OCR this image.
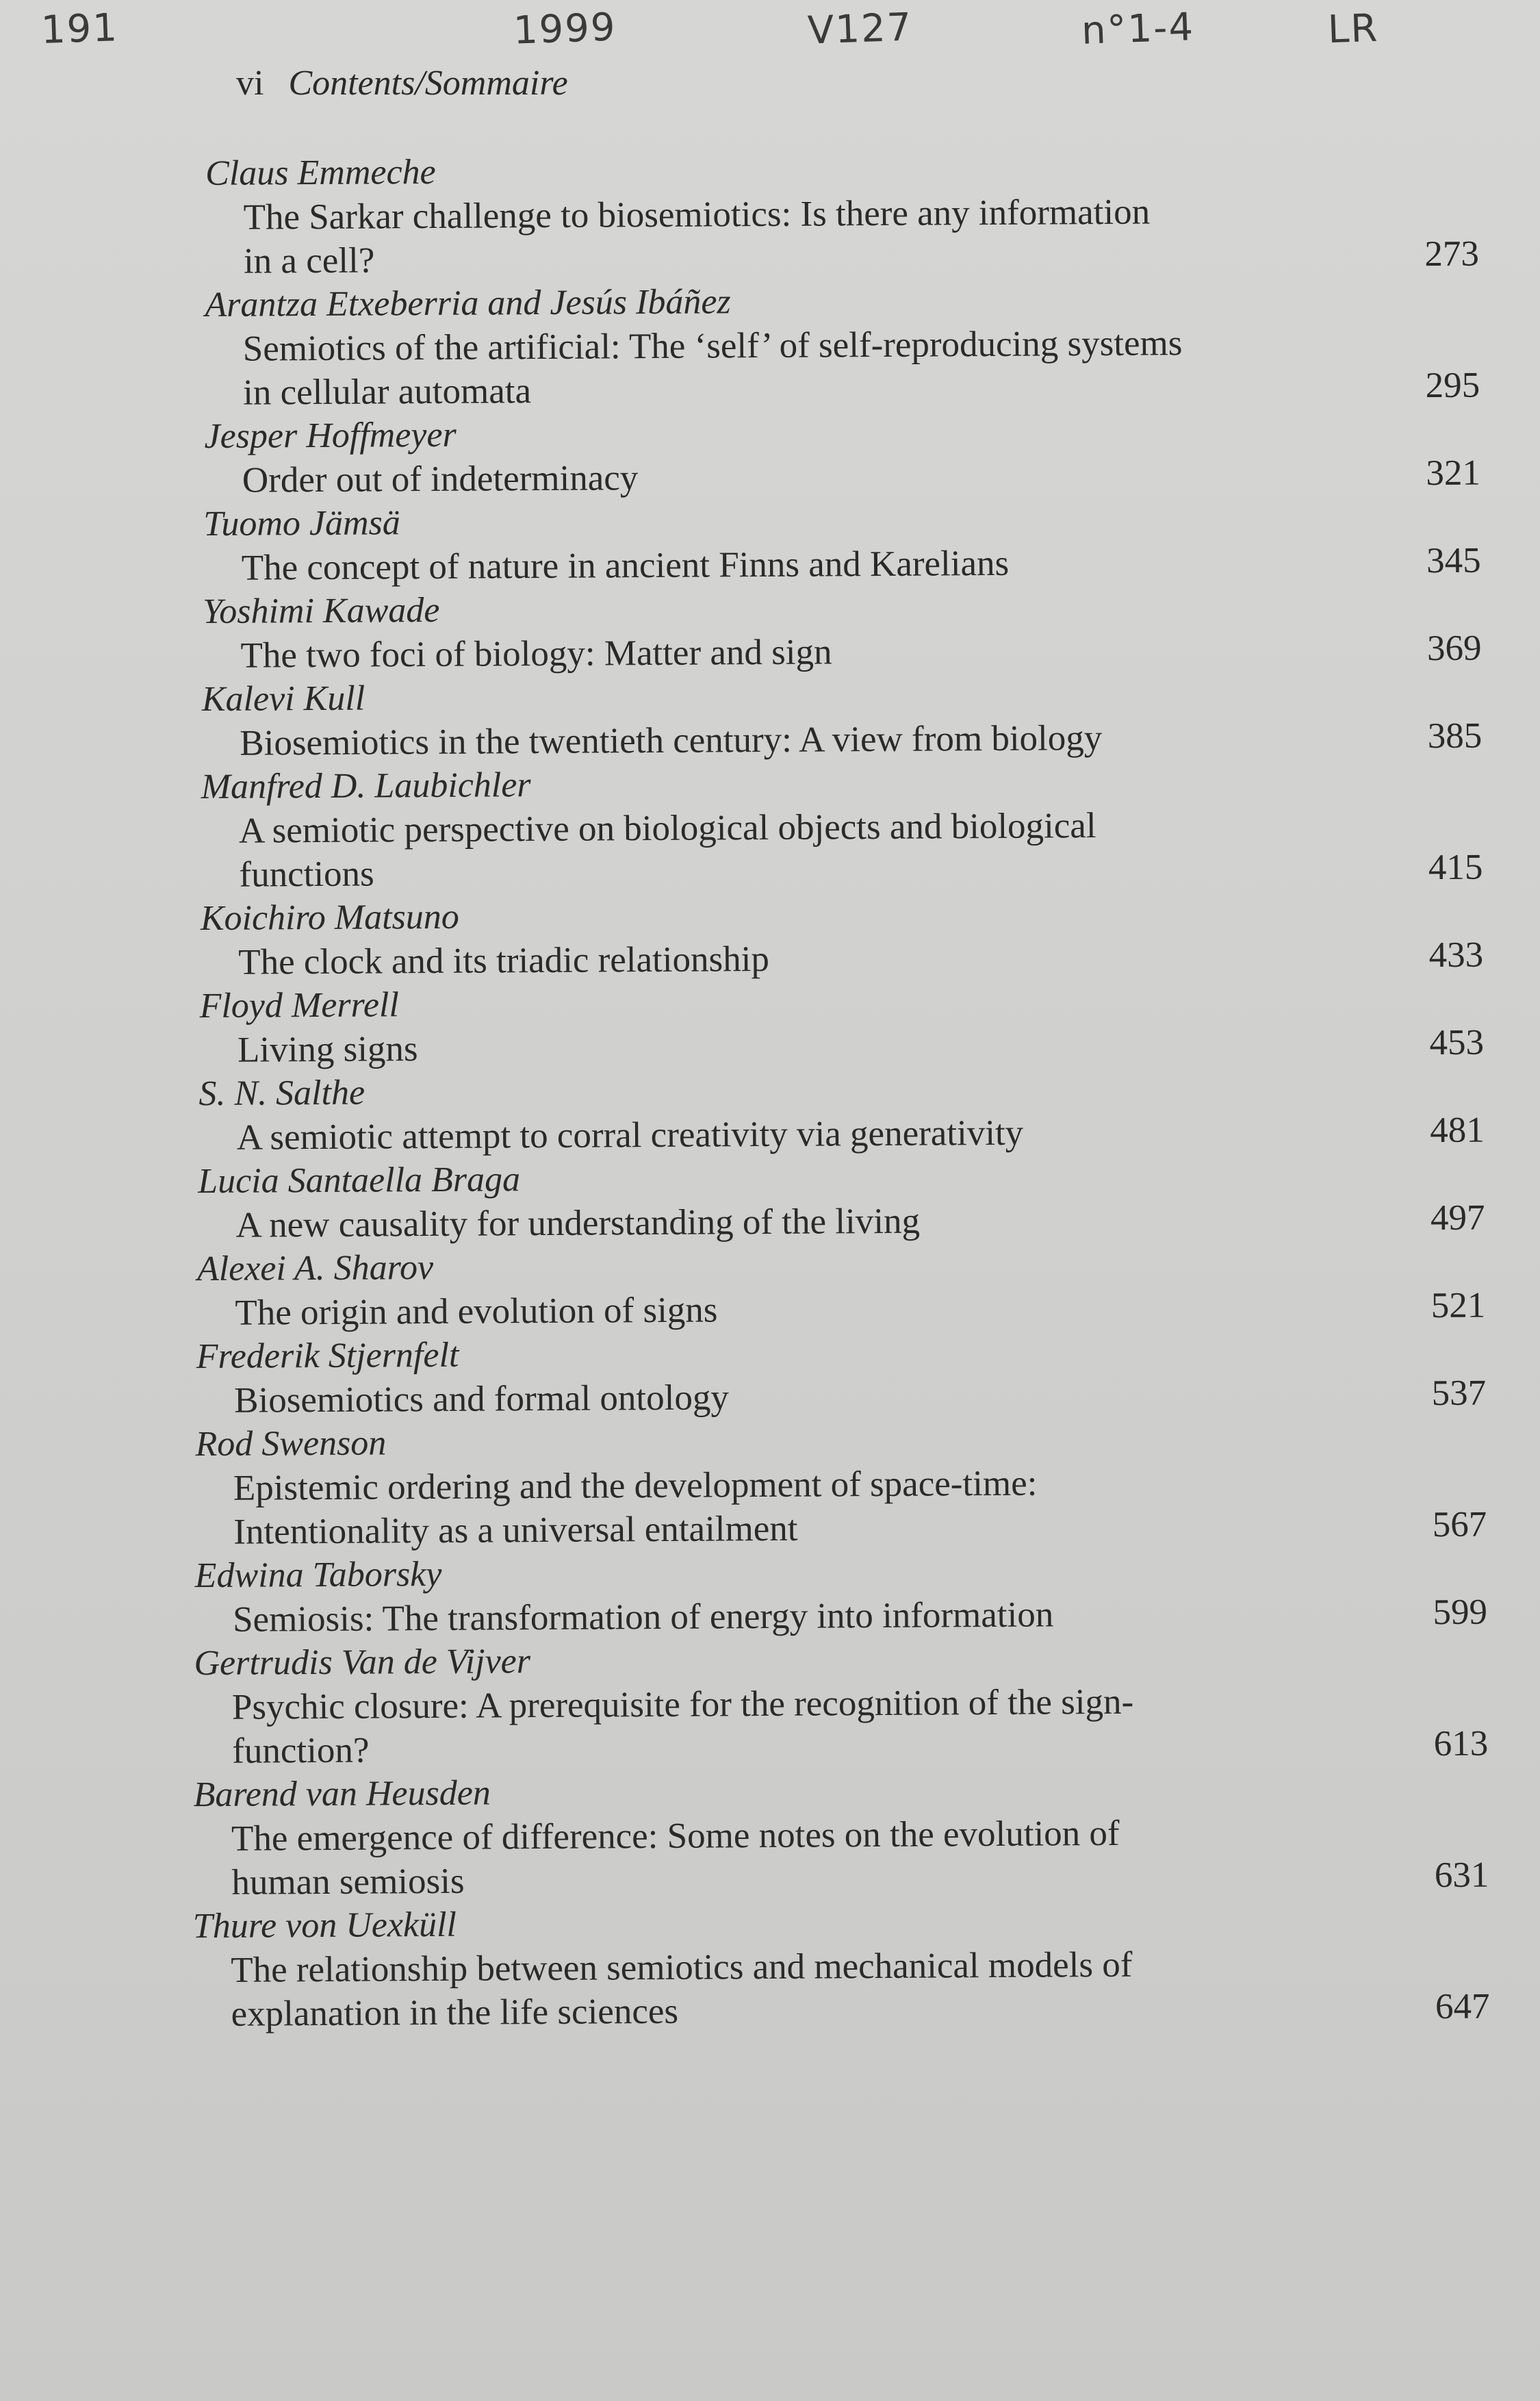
191	1999	V127	n°1-4	LR
vi Contents/Sommaire
Claus Emmeche
The Sarkar challenge to biosemiotics: Is there any information
in a cell?	273
Arantza Etxeberria and Jesús Ibáñez
Semiotics of the artificial: The ‘self’ of self-reproducing systems
in cellular automata	295
Jesper Hoffmeyer
Order out of indeterminacy	321
Tuomo Jämsä
The concept of nature in ancient Finns and Karelians	345
Yoshimi Kawade
The two foci of biology: Matter and sign	369
Kalevi Kull
Biosemiotics in the twentieth century: A view from biology	385
Manfred D. Laubichler
A semiotic perspective on biological objects and biological
functions	415
Koichiro Matsuno
The clock and its triadic relationship	433
Floyd Merrell
Living signs	453
S. N. Salthe
A semiotic attempt to corral creativity via generativity	481
Lucia Santaella Braga
A new causality for understanding of the living	497
Alexei A. Sharov
The origin and evolution of signs	521
Frederik Stjernfelt
Biosemiotics and formal ontology	537
Rod Swenson
Epistemic ordering and the development of space-time:
Intentionality as a universal entailment	567
Edwina Taborsky
Semiosis: The transformation of energy into information	599
Gertrudis Van de Vijver
Psychic closure: A prerequisite for the recognition of the sign-
function?	613
Barend van Heusden
The emergence of difference: Some notes on the evolution of
human semiosis	631
Thure von Uexküll
The relationship between semiotics and mechanical models of
explanation in the life sciences	647
